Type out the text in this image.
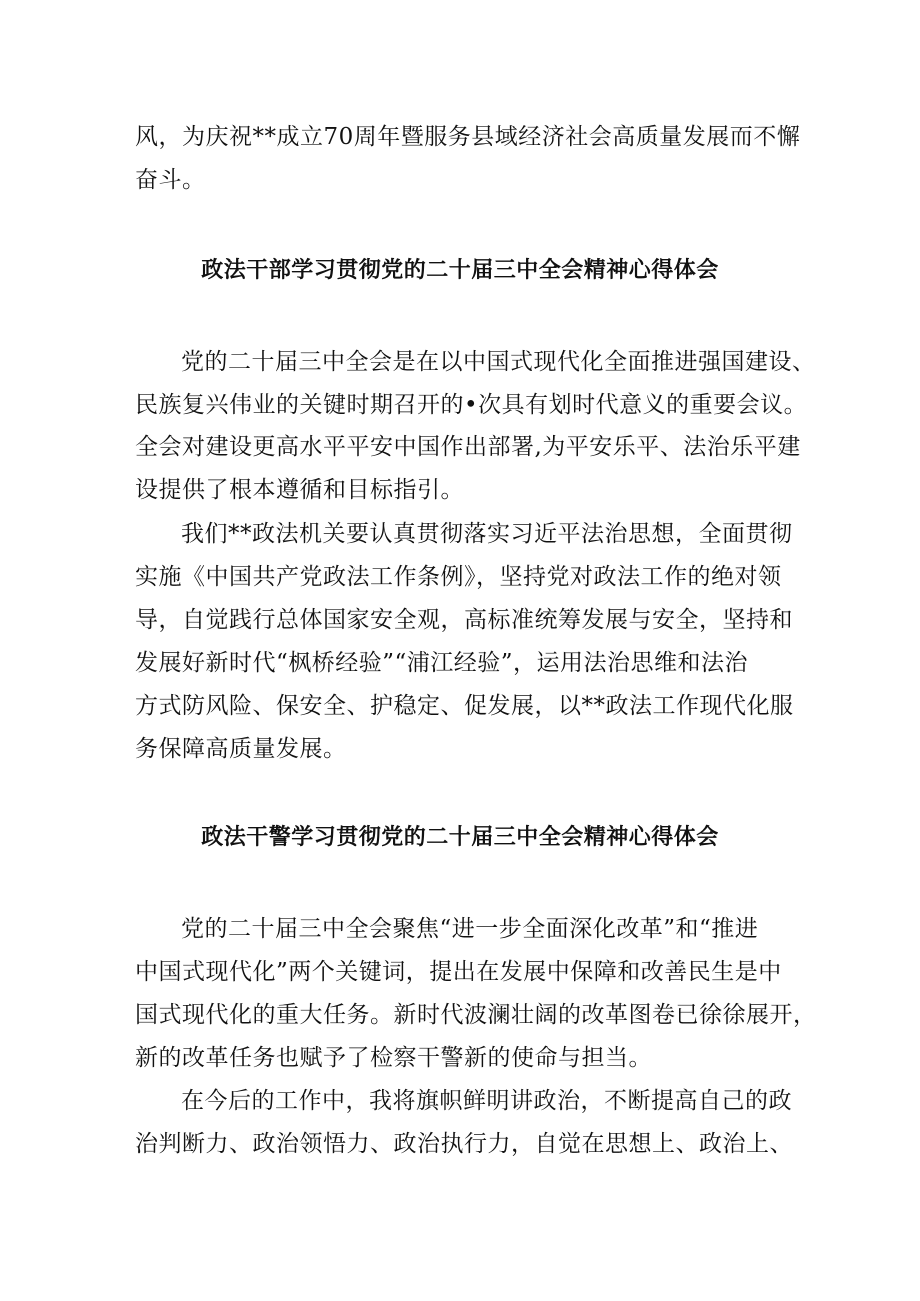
风，为庆祝**成立70周年暨服务县域经济社会高质量发展而不懈
奋斗。
政法干部学习贯彻党的二十届三中全会精神心得体会
党的二十届三中全会是在以中国式现代化全面推进强国建设、
民族复兴伟业的关键时期召开的•次具有划时代意义的重要会议。
全会对建设更高水平平安中国作出部署,为平安乐平、法治乐平建
设提供了根本遵循和目标指引。
我们**政法机关要认真贯彻落实习近平法治思想，全面贯彻
实施《中国共产党政法工作条例》，坚持党对政法工作的绝对领
导，自觉践行总体国家安全观，高标准统筹发展与安全，坚持和
发展好新时代“枫桥经验”“浦江经验”，运用法治思维和法治
方式防风险、保安全、护稳定、促发展，以**政法工作现代化服
务保障高质量发展。
政法干警学习贯彻党的二十届三中全会精神心得体会
党的二十届三中全会聚焦“进一步全面深化改革”和“推进
中国式现代化”两个关键词，提出在发展中保障和改善民生是中
国式现代化的重大任务。新时代波澜壮阔的改革图卷已徐徐展开，
新的改革任务也赋予了检察干警新的使命与担当。
在今后的工作中，我将旗帜鲜明讲政治，不断提高自己的政
治判断力、政治领悟力、政治执行力，自觉在思想上、政治上、
